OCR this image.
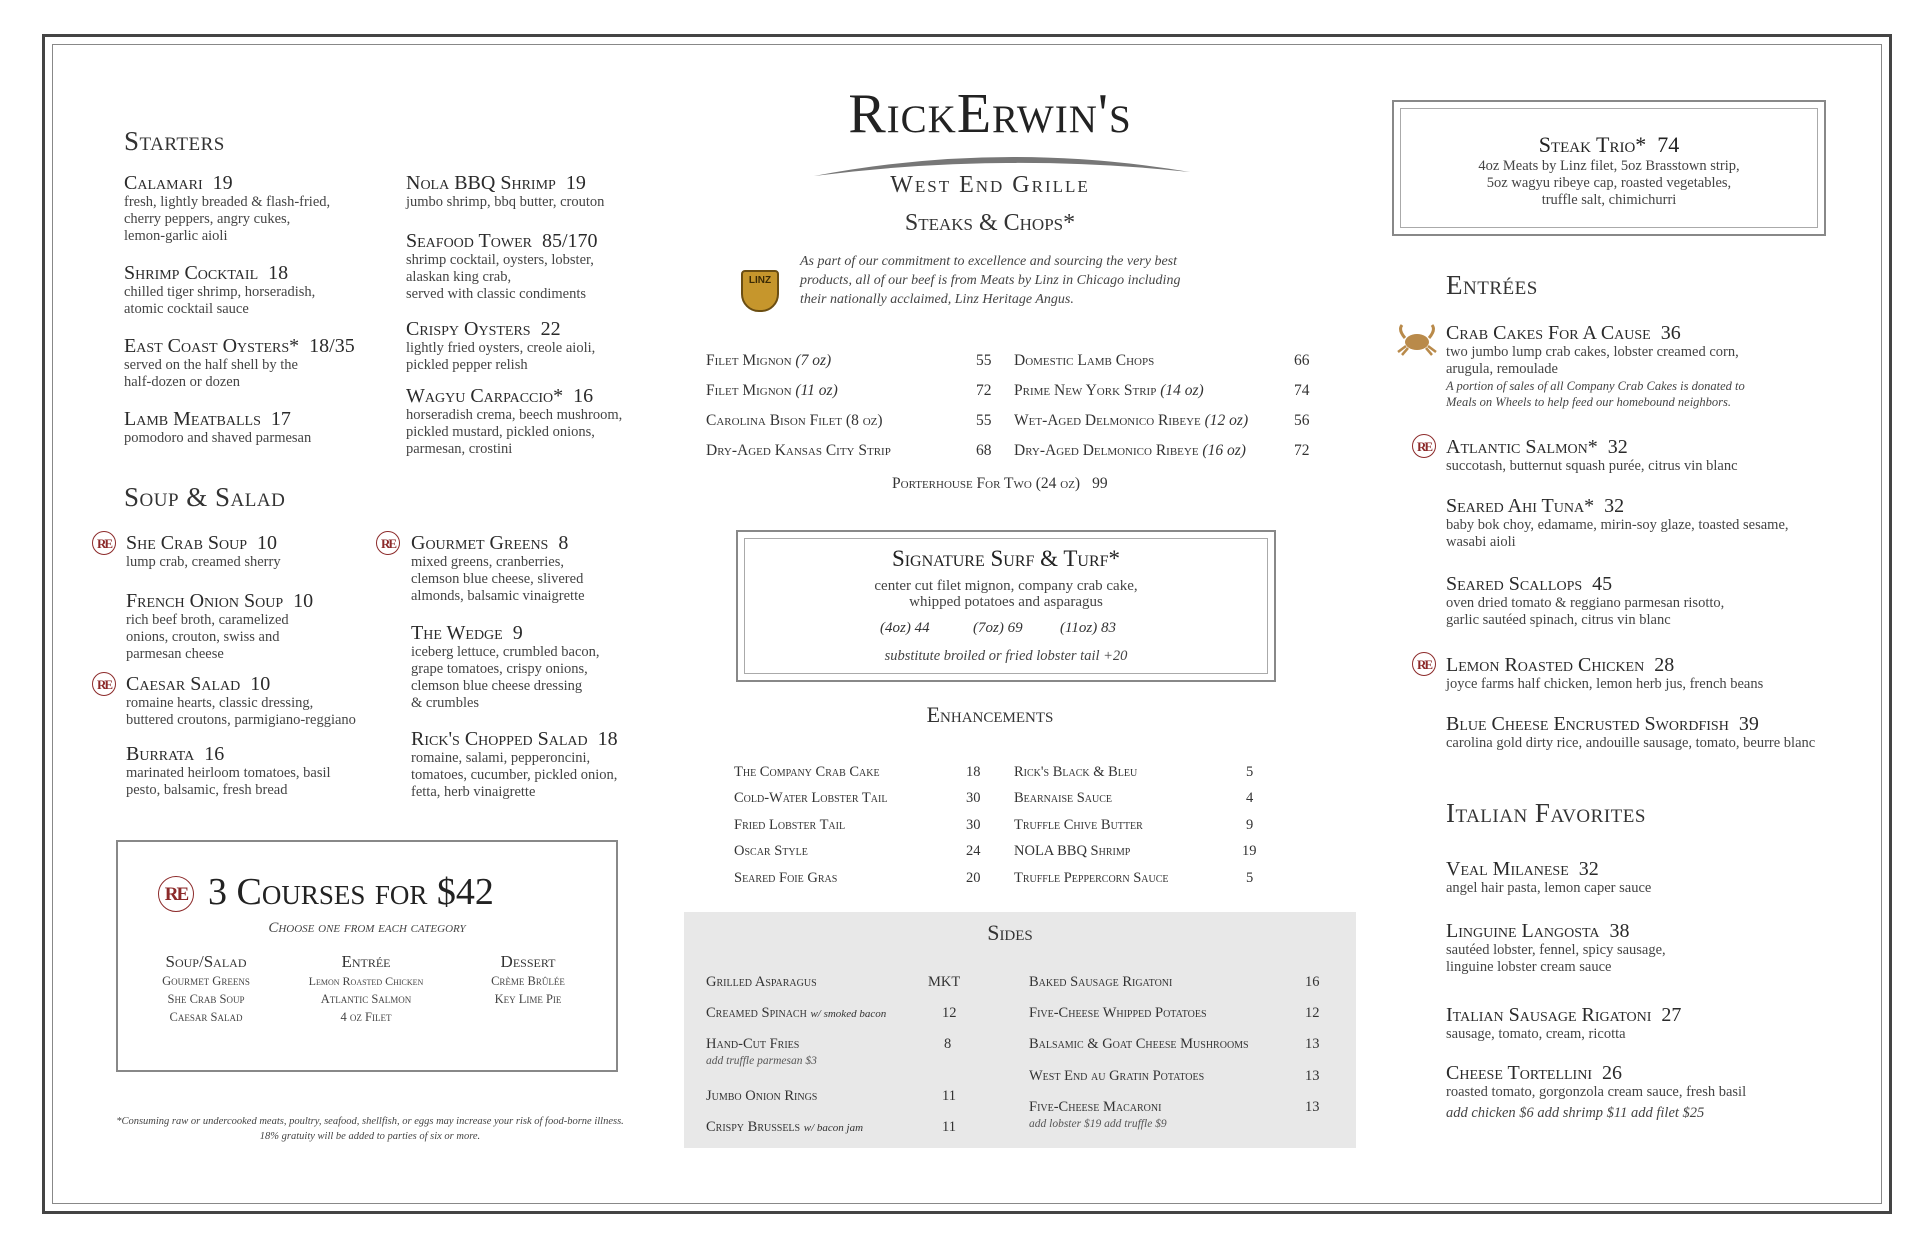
Starters
Calamari 19
fresh, lightly breaded & flash-fried,
cherry peppers, angry cukes,
lemon-garlic aioli
Shrimp Cocktail 18
chilled tiger shrimp, horseradish,
atomic cocktail sauce
East Coast Oysters* 18/35
served on the half shell by the
half-dozen or dozen
Lamb Meatballs 17
pomodoro and shaved parmesan
Nola BBQ Shrimp 19
jumbo shrimp, bbq butter, crouton
Seafood Tower 85/170
shrimp cocktail, oysters, lobster,
alaskan king crab,
served with classic condiments
Crispy Oysters 22
lightly fried oysters, creole aioli,
pickled pepper relish
Wagyu Carpaccio* 16
horseradish crema, beech mushroom,
pickled mustard, pickled onions,
parmesan, crostini
Soup & Salad
RE She Crab Soup 10
lump crab, creamed sherry
French Onion Soup 10
rich beef broth, caramelized
onions, crouton, swiss and
parmesan cheese
RE Caesar Salad 10
romaine hearts, classic dressing,
buttered croutons, parmigiano-reggiano
Burrata 16
marinated heirloom tomatoes, basil
pesto, balsamic, fresh bread
RE Gourmet Greens 8
mixed greens, cranberries,
clemson blue cheese, slivered
almonds, balsamic vinaigrette
The Wedge 9
iceberg lettuce, crumbled bacon,
grape tomatoes, crispy onions,
clemson blue cheese dressing
& crumbles
Rick's Chopped Salad 18
romaine, salami, pepperoncini,
tomatoes, cucumber, pickled onion,
fetta, herb vinaigrette
RE 3 Courses for $42
Choose one from each category
Soup/Salad
Gourmet Greens
She Crab Soup
Caesar Salad
Entrée
Lemon Roasted Chicken
Atlantic Salmon
4 oz Filet
Dessert
Crème Brûlée
Key Lime Pie
*Consuming raw or undercooked meats, poultry, seafood, shellfish, or eggs may increase your risk of food-borne illness.
18% gratuity will be added to parties of six or more.
RickErwin's
West End Grille
Steaks & Chops*
LINZ
As part of our commitment to excellence and sourcing the very best
products, all of our beef is from Meats by Linz in Chicago including
their nationally acclaimed, Linz Heritage Angus.
Filet Mignon (7 oz)	55
Filet Mignon (11 oz)	72
Carolina Bison Filet (8 oz)	55
Dry-Aged Kansas City Strip	68
Domestic Lamb Chops	66
Prime New York Strip (14 oz)	74
Wet-Aged Delmonico Ribeye (12 oz)	56
Dry-Aged Delmonico Ribeye (16 oz)	72
Porterhouse For Two (24 oz) 99
Signature Surf & Turf*
center cut filet mignon, company crab cake,
whipped potatoes and asparagus
(4oz) 44	(7oz) 69 (11oz) 83
substitute broiled or fried lobster tail +20
Enhancements
The Company Crab Cake	18
Cold-Water Lobster Tail	30
Fried Lobster Tail	30
Oscar Style	24
Seared Foie Gras	20
Rick's Black & Bleu	5
Bearnaise Sauce	4
Truffle Chive Butter	9
NOLA BBQ Shrimp	19
Truffle Peppercorn Sauce	5
Sides
Grilled Asparagus	MKT
Creamed Spinach w/ smoked bacon	12
Hand-Cut Fries	8
add truffle parmesan $3
Jumbo Onion Rings	11
Crispy Brussels w/ bacon jam	11
Baked Sausage Rigatoni	16
Five-Cheese Whipped Potatoes	12
Balsamic & Goat Cheese Mushrooms	13
West End au Gratin Potatoes	13
Five-Cheese Macaroni	13
add lobster $19 add truffle $9
Steak Trio* 74
4oz Meats by Linz filet, 5oz Brasstown strip,
5oz wagyu ribeye cap, roasted vegetables,
truffle salt, chimichurri
Entrées
Crab Cakes For A Cause 36
two jumbo lump crab cakes, lobster creamed corn,
arugula, remoulade
A portion of sales of all Company Crab Cakes is donated to
Meals on Wheels to help feed our homebound neighbors.
RE Atlantic Salmon* 32
succotash, butternut squash purée, citrus vin blanc
Seared Ahi Tuna* 32
baby bok choy, edamame, mirin-soy glaze, toasted sesame,
wasabi aioli
Seared Scallops 45
oven dried tomato & reggiano parmesan risotto,
garlic sautéed spinach, citrus vin blanc
RE Lemon Roasted Chicken 28
joyce farms half chicken, lemon herb jus, french beans
Blue Cheese Encrusted Swordfish 39
carolina gold dirty rice, andouille sausage, tomato, beurre blanc
Italian Favorites
Veal Milanese 32
angel hair pasta, lemon caper sauce
Linguine Langosta 38
sautéed lobster, fennel, spicy sausage,
linguine lobster cream sauce
Italian Sausage Rigatoni 27
sausage, tomato, cream, ricotta
Cheese Tortellini 26
roasted tomato, gorgonzola cream sauce, fresh basil
add chicken $6 add shrimp $11 add filet $25
